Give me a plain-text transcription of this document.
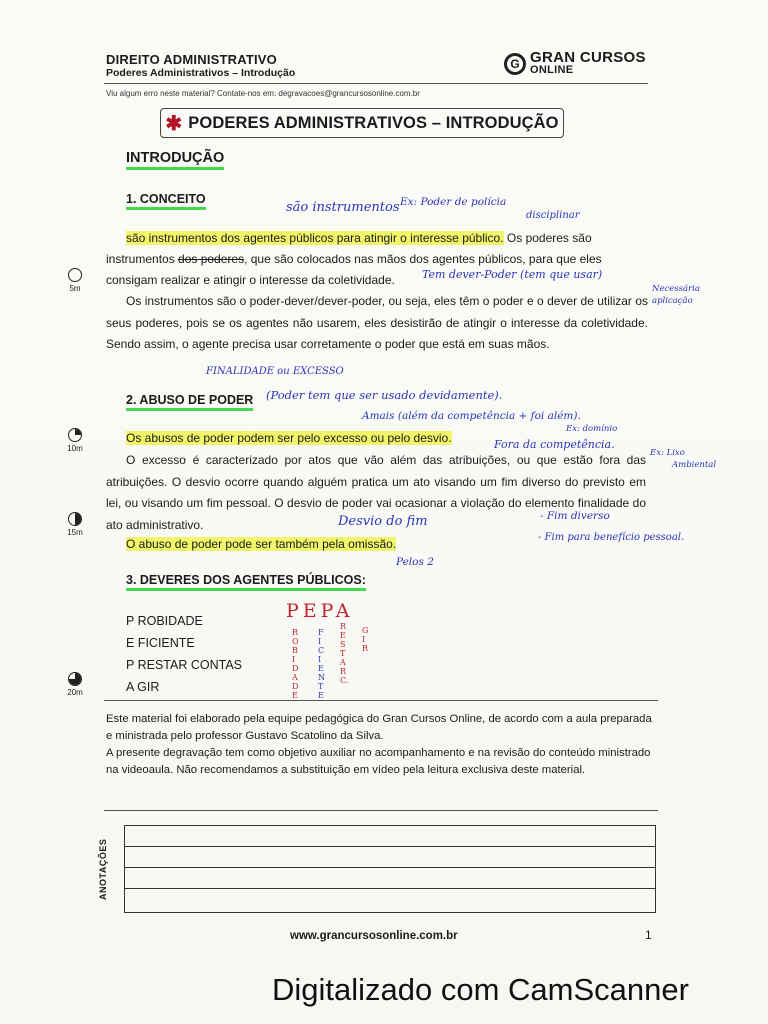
DIREITO ADMINISTRATIVO
Poderes Administrativos – Introdução
G GRAN CURSOS
ONLINE
Viu algum erro neste material? Contate-nos em: degravacoes@grancursosonline.com.br
✱ PODERES ADMINISTRATIVOS – INTRODUÇÃO
INTRODUÇÃO
1. CONCEITO
são instrumentos dos agentes públicos para atingir o interesse público. Os poderes são
instrumentos dos poderes, que são colocados nas mãos dos agentes públicos, para que eles
consigam realizar e atingir o interesse da coletividade.
Os instrumentos são o poder-dever/dever-poder, ou seja, eles têm o poder e o dever de utilizar os seus poderes, pois se os agentes não usarem, eles desistirão de atingir o interesse da coletividade. Sendo assim, o agente precisa usar corretamente o poder que está em suas mãos.
2. ABUSO DE PODER
Os abusos de poder podem ser pelo excesso ou pelo desvio.
O excesso é caracterizado por atos que vão além das atribuições, ou que estão fora das atribuições. O desvio ocorre quando alguém pratica um ato visando um fim diverso do previsto em lei, ou visando um fim pessoal. O desvio de poder vai ocasionar a violação do elemento finalidade do ato administrativo.
O abuso de poder pode ser também pela omissão.
3. DEVERES DOS AGENTES PÚBLICOS:
P ROBIDADE
E FICIENTE
P RESTAR CONTAS
A GIR
5m
10m
15m
20m
são instrumentos Ex: Poder de polícia
disciplinar
Tem dever-Poder (tem que usar)
Necessária
aplicação
FINALIDADE ou EXCESSO
(Poder tem que ser usado devidamente).
Amais (além da competência + foi além).
Ex: domínio
Fora da competência.
Ex: Lixo
Ambiental
Desvio do fim	- Fim diverso
- Fim para benefício pessoal.
Pelos 2
PEPA
ROBIDADE
FICIENTE
RESTAR C.
GIR
Este material foi elaborado pela equipe pedagógica do Gran Cursos Online, de acordo com a aula preparada e ministrada pelo professor Gustavo Scatolino da Silva.
A presente degravação tem como objetivo auxiliar no acompanhamento e na revisão do conteúdo ministrado na videoaula. Não recomendamos a substituição em vídeo pela leitura exclusiva deste material.
ANOTAÇÕES
www.grancursosonline.com.br	1
Digitalizado com CamScanner
